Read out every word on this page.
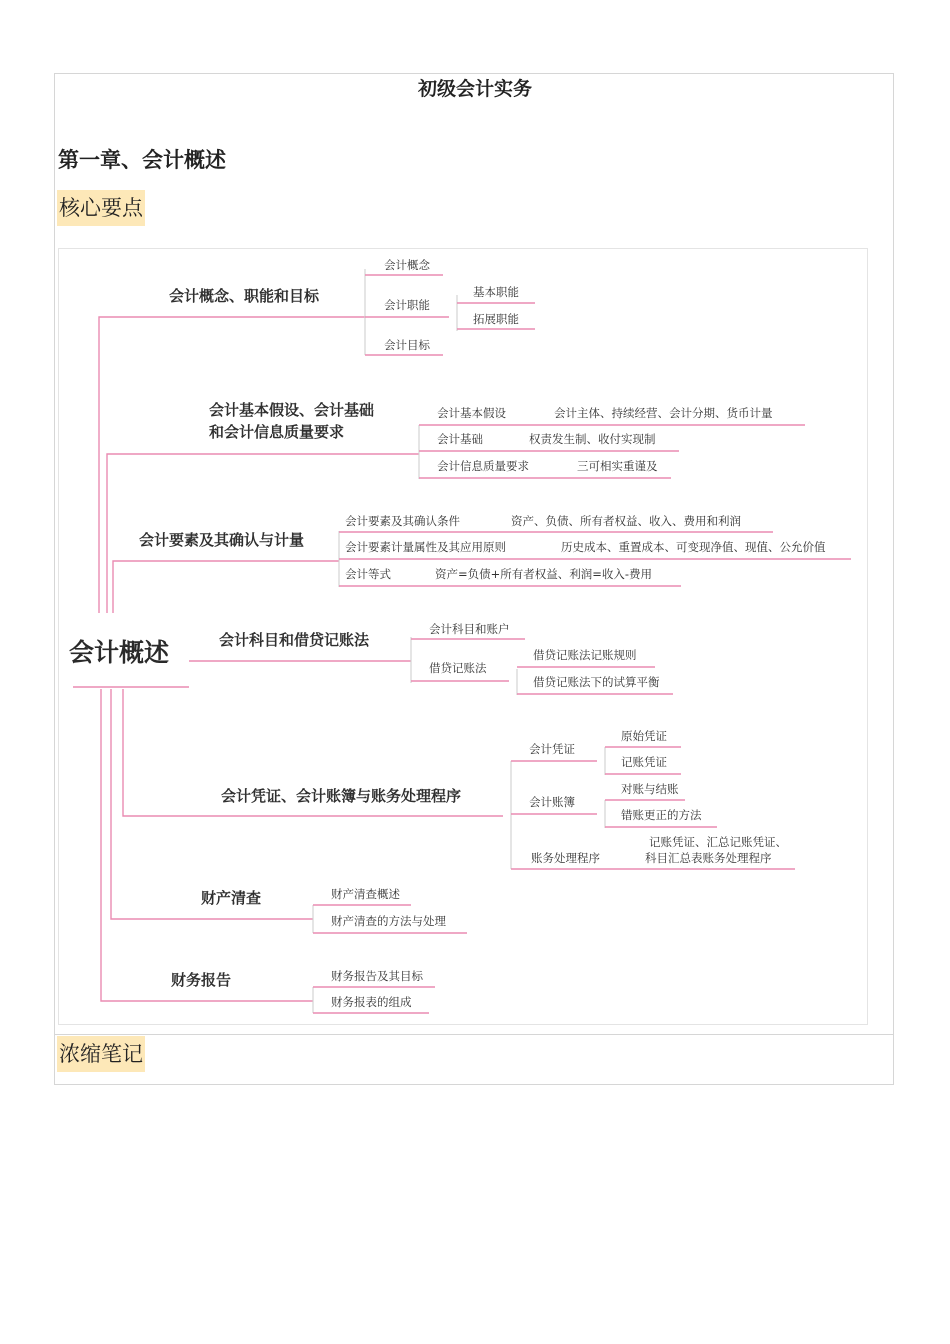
初级会计实务
第一章、会计概述
核心要点
浓缩笔记
会计概述
会计概念、职能和目标
会计概念
会计职能
基本职能
拓展职能
会计目标
会计基本假设、会计基础
和会计信息质量要求
会计基本假设	会计主体、持续经营、会计分期、货币计量
会计基础	权责发生制、收付实现制
会计信息质量要求	三可相实重谨及
会计要素及其确认与计量
会计要素及其确认条件	资产、负债、所有者权益、收入、费用和利润
会计要素计量属性及其应用原则	历史成本、重置成本、可变现净值、现值、公允价值
会计等式	资产=负债+所有者权益、利润=收入-费用
会计科目和借贷记账法
会计科目和账户
借贷记账法
借贷记账法记账规则
借贷记账法下的试算平衡
会计凭证、会计账簿与账务处理程序
会计凭证
原始凭证
记账凭证
会计账簿
对账与结账
错账更正的方法
账务处理程序
记账凭证、汇总记账凭证、
科目汇总表账务处理程序
财产清查	财产清查概述
财产清查的方法与处理
财务报告	财务报告及其目标
财务报表的组成
